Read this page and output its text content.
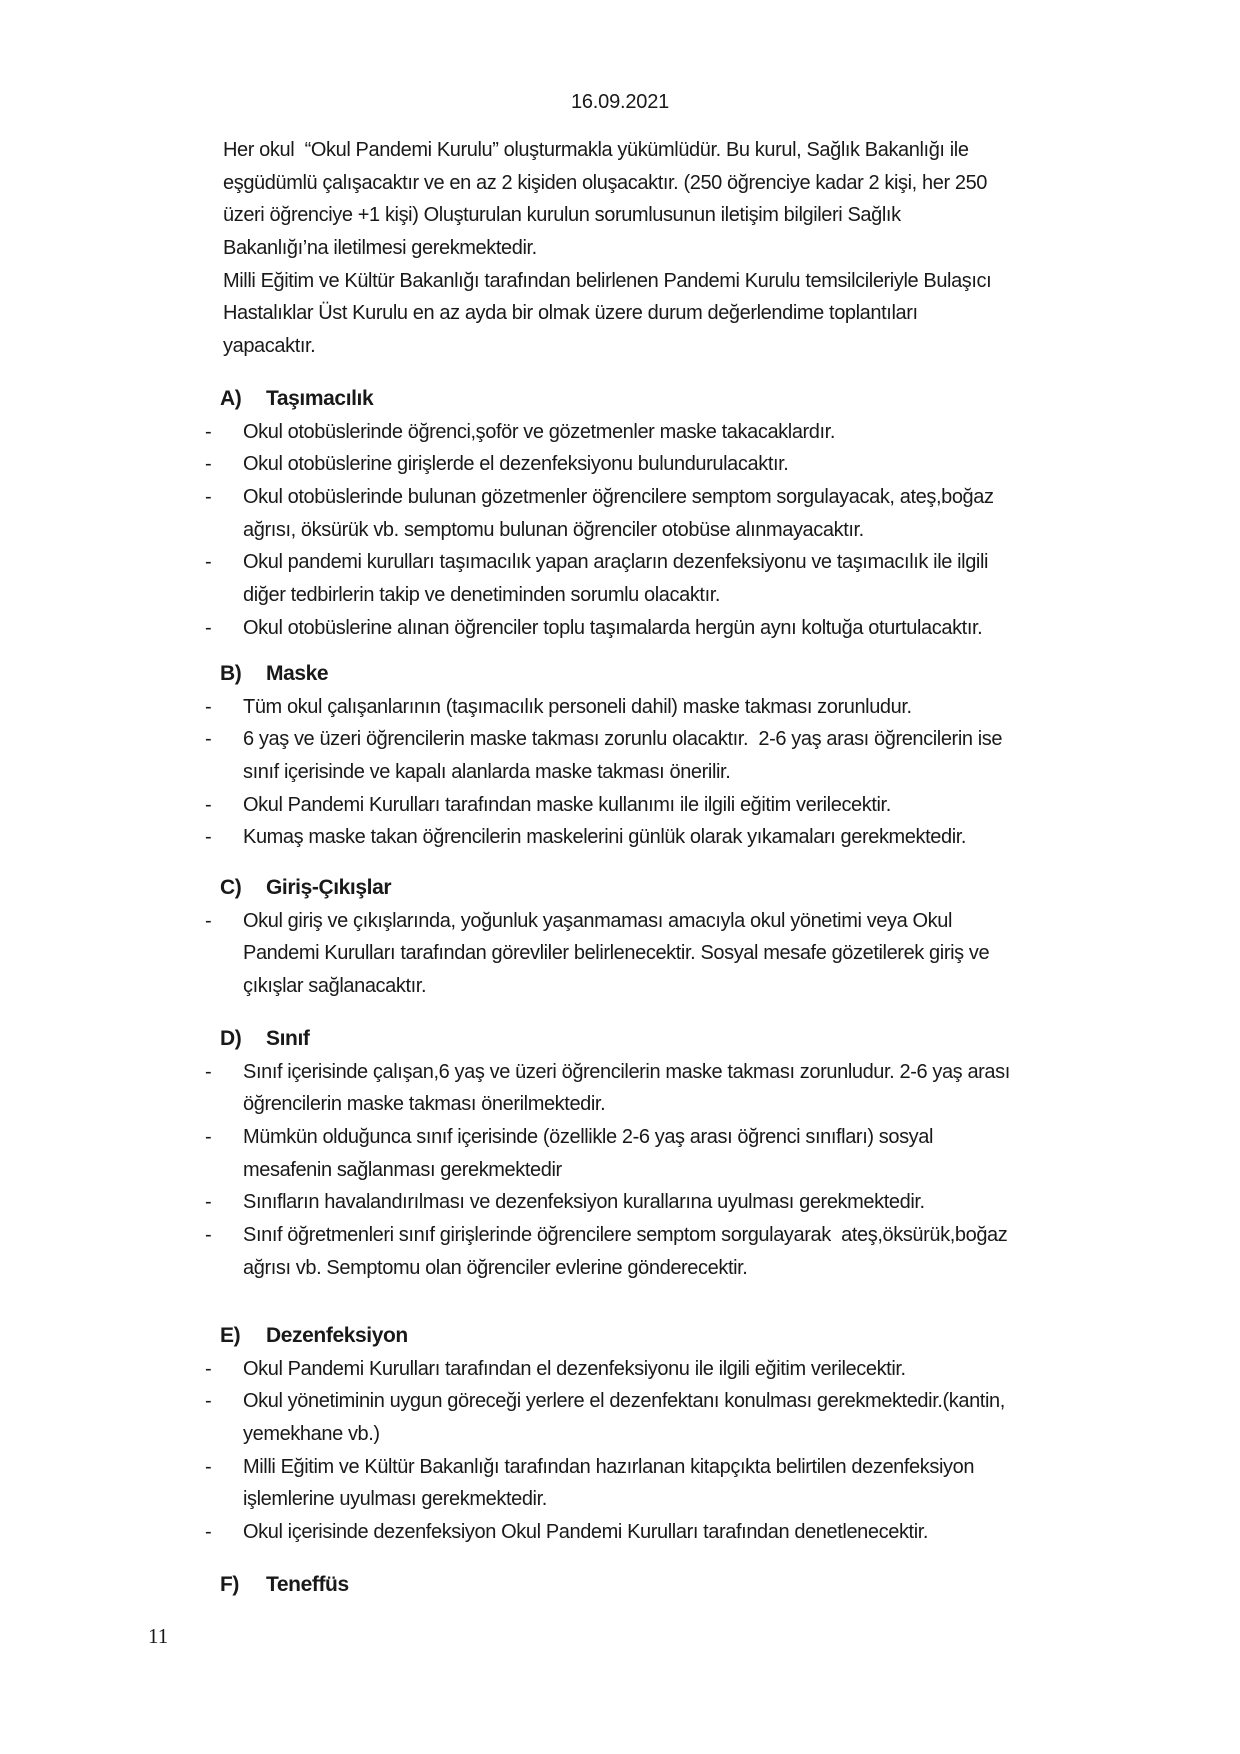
16.09.2021
Her okul  “Okul Pandemi Kurulu” oluşturmakla yükümlüdür. Bu kurul, Sağlık Bakanlığı ile
eşgüdümlü çalışacaktır ve en az 2 kişiden oluşacaktır. (250 öğrenciye kadar 2 kişi, her 250
üzeri öğrenciye +1 kişi) Oluşturulan kurulun sorumlusunun iletişim bilgileri Sağlık
Bakanlığı’na iletilmesi gerekmektedir.
Milli Eğitim ve Kültür Bakanlığı tarafından belirlenen Pandemi Kurulu temsilcileriyle Bulaşıcı
Hastalıklar Üst Kurulu en az ayda bir olmak üzere durum değerlendime toplantıları
yapacaktır.
A) Taşımacılık
- Okul otobüslerinde öğrenci,şoför ve gözetmenler maske takacaklardır.
- Okul otobüslerine girişlerde el dezenfeksiyonu bulundurulacaktır.
- Okul otobüslerinde bulunan gözetmenler öğrencilere semptom sorgulayacak, ateş,boğaz
ağrısı, öksürük vb. semptomu bulunan öğrenciler otobüse alınmayacaktır.
- Okul pandemi kurulları taşımacılık yapan araçların dezenfeksiyonu ve taşımacılık ile ilgili
diğer tedbirlerin takip ve denetiminden sorumlu olacaktır.
- Okul otobüslerine alınan öğrenciler toplu taşımalarda hergün aynı koltuğa oturtulacaktır.
B) Maske
- Tüm okul çalışanlarının (taşımacılık personeli dahil) maske takması zorunludur.
- 6 yaş ve üzeri öğrencilerin maske takması zorunlu olacaktır.  2-6 yaş arası öğrencilerin ise
sınıf içerisinde ve kapalı alanlarda maske takması önerilir.
- Okul Pandemi Kurulları tarafından maske kullanımı ile ilgili eğitim verilecektir.
- Kumaş maske takan öğrencilerin maskelerini günlük olarak yıkamaları gerekmektedir.
C) Giriş-Çıkışlar
- Okul giriş ve çıkışlarında, yoğunluk yaşanmaması amacıyla okul yönetimi veya Okul
Pandemi Kurulları tarafından görevliler belirlenecektir. Sosyal mesafe gözetilerek giriş ve
çıkışlar sağlanacaktır.
D) Sınıf
- Sınıf içerisinde çalışan,6 yaş ve üzeri öğrencilerin maske takması zorunludur. 2-6 yaş arası
öğrencilerin maske takması önerilmektedir.
- Mümkün olduğunca sınıf içerisinde (özellikle 2-6 yaş arası öğrenci sınıfları) sosyal
mesafenin sağlanması gerekmektedir
- Sınıfların havalandırılması ve dezenfeksiyon kurallarına uyulması gerekmektedir.
- Sınıf öğretmenleri sınıf girişlerinde öğrencilere semptom sorgulayarak  ateş,öksürük,boğaz
ağrısı vb. Semptomu olan öğrenciler evlerine gönderecektir.
E) Dezenfeksiyon
- Okul Pandemi Kurulları tarafından el dezenfeksiyonu ile ilgili eğitim verilecektir.
- Okul yönetiminin uygun göreceği yerlere el dezenfektanı konulması gerekmektedir.(kantin,
yemekhane vb.)
- Milli Eğitim ve Kültür Bakanlığı tarafından hazırlanan kitapçıkta belirtilen dezenfeksiyon
işlemlerine uyulması gerekmektedir.
- Okul içerisinde dezenfeksiyon Okul Pandemi Kurulları tarafından denetlenecektir.
F) Teneffüs
11
